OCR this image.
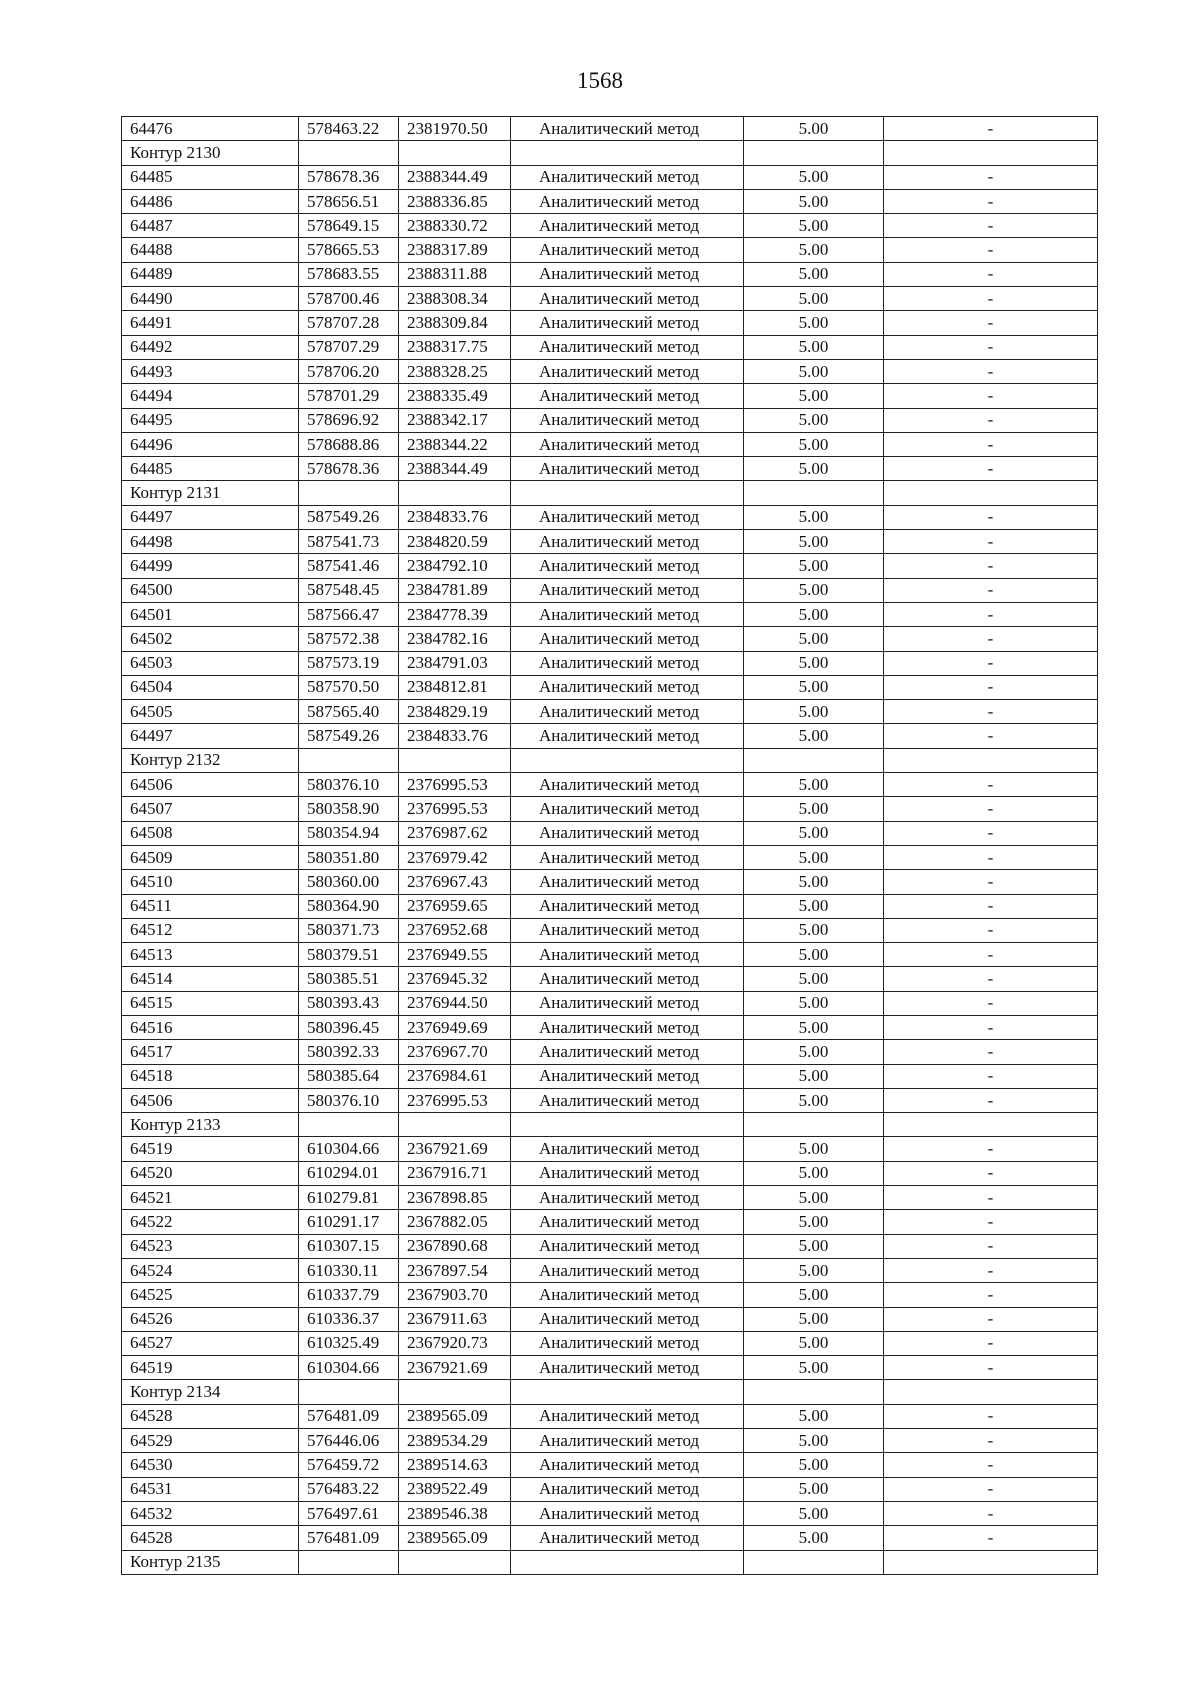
1568
64476	578463.22	2381970.50	Аналитический метод	5.00	-
Контур 2130					
64485	578678.36	2388344.49	Аналитический метод	5.00	-
64486	578656.51	2388336.85	Аналитический метод	5.00	-
64487	578649.15	2388330.72	Аналитический метод	5.00	-
64488	578665.53	2388317.89	Аналитический метод	5.00	-
64489	578683.55	2388311.88	Аналитический метод	5.00	-
64490	578700.46	2388308.34	Аналитический метод	5.00	-
64491	578707.28	2388309.84	Аналитический метод	5.00	-
64492	578707.29	2388317.75	Аналитический метод	5.00	-
64493	578706.20	2388328.25	Аналитический метод	5.00	-
64494	578701.29	2388335.49	Аналитический метод	5.00	-
64495	578696.92	2388342.17	Аналитический метод	5.00	-
64496	578688.86	2388344.22	Аналитический метод	5.00	-
64485	578678.36	2388344.49	Аналитический метод	5.00	-
Контур 2131					
64497	587549.26	2384833.76	Аналитический метод	5.00	-
64498	587541.73	2384820.59	Аналитический метод	5.00	-
64499	587541.46	2384792.10	Аналитический метод	5.00	-
64500	587548.45	2384781.89	Аналитический метод	5.00	-
64501	587566.47	2384778.39	Аналитический метод	5.00	-
64502	587572.38	2384782.16	Аналитический метод	5.00	-
64503	587573.19	2384791.03	Аналитический метод	5.00	-
64504	587570.50	2384812.81	Аналитический метод	5.00	-
64505	587565.40	2384829.19	Аналитический метод	5.00	-
64497	587549.26	2384833.76	Аналитический метод	5.00	-
Контур 2132					
64506	580376.10	2376995.53	Аналитический метод	5.00	-
64507	580358.90	2376995.53	Аналитический метод	5.00	-
64508	580354.94	2376987.62	Аналитический метод	5.00	-
64509	580351.80	2376979.42	Аналитический метод	5.00	-
64510	580360.00	2376967.43	Аналитический метод	5.00	-
64511	580364.90	2376959.65	Аналитический метод	5.00	-
64512	580371.73	2376952.68	Аналитический метод	5.00	-
64513	580379.51	2376949.55	Аналитический метод	5.00	-
64514	580385.51	2376945.32	Аналитический метод	5.00	-
64515	580393.43	2376944.50	Аналитический метод	5.00	-
64516	580396.45	2376949.69	Аналитический метод	5.00	-
64517	580392.33	2376967.70	Аналитический метод	5.00	-
64518	580385.64	2376984.61	Аналитический метод	5.00	-
64506	580376.10	2376995.53	Аналитический метод	5.00	-
Контур 2133					
64519	610304.66	2367921.69	Аналитический метод	5.00	-
64520	610294.01	2367916.71	Аналитический метод	5.00	-
64521	610279.81	2367898.85	Аналитический метод	5.00	-
64522	610291.17	2367882.05	Аналитический метод	5.00	-
64523	610307.15	2367890.68	Аналитический метод	5.00	-
64524	610330.11	2367897.54	Аналитический метод	5.00	-
64525	610337.79	2367903.70	Аналитический метод	5.00	-
64526	610336.37	2367911.63	Аналитический метод	5.00	-
64527	610325.49	2367920.73	Аналитический метод	5.00	-
64519	610304.66	2367921.69	Аналитический метод	5.00	-
Контур 2134					
64528	576481.09	2389565.09	Аналитический метод	5.00	-
64529	576446.06	2389534.29	Аналитический метод	5.00	-
64530	576459.72	2389514.63	Аналитический метод	5.00	-
64531	576483.22	2389522.49	Аналитический метод	5.00	-
64532	576497.61	2389546.38	Аналитический метод	5.00	-
64528	576481.09	2389565.09	Аналитический метод	5.00	-
Контур 2135					
